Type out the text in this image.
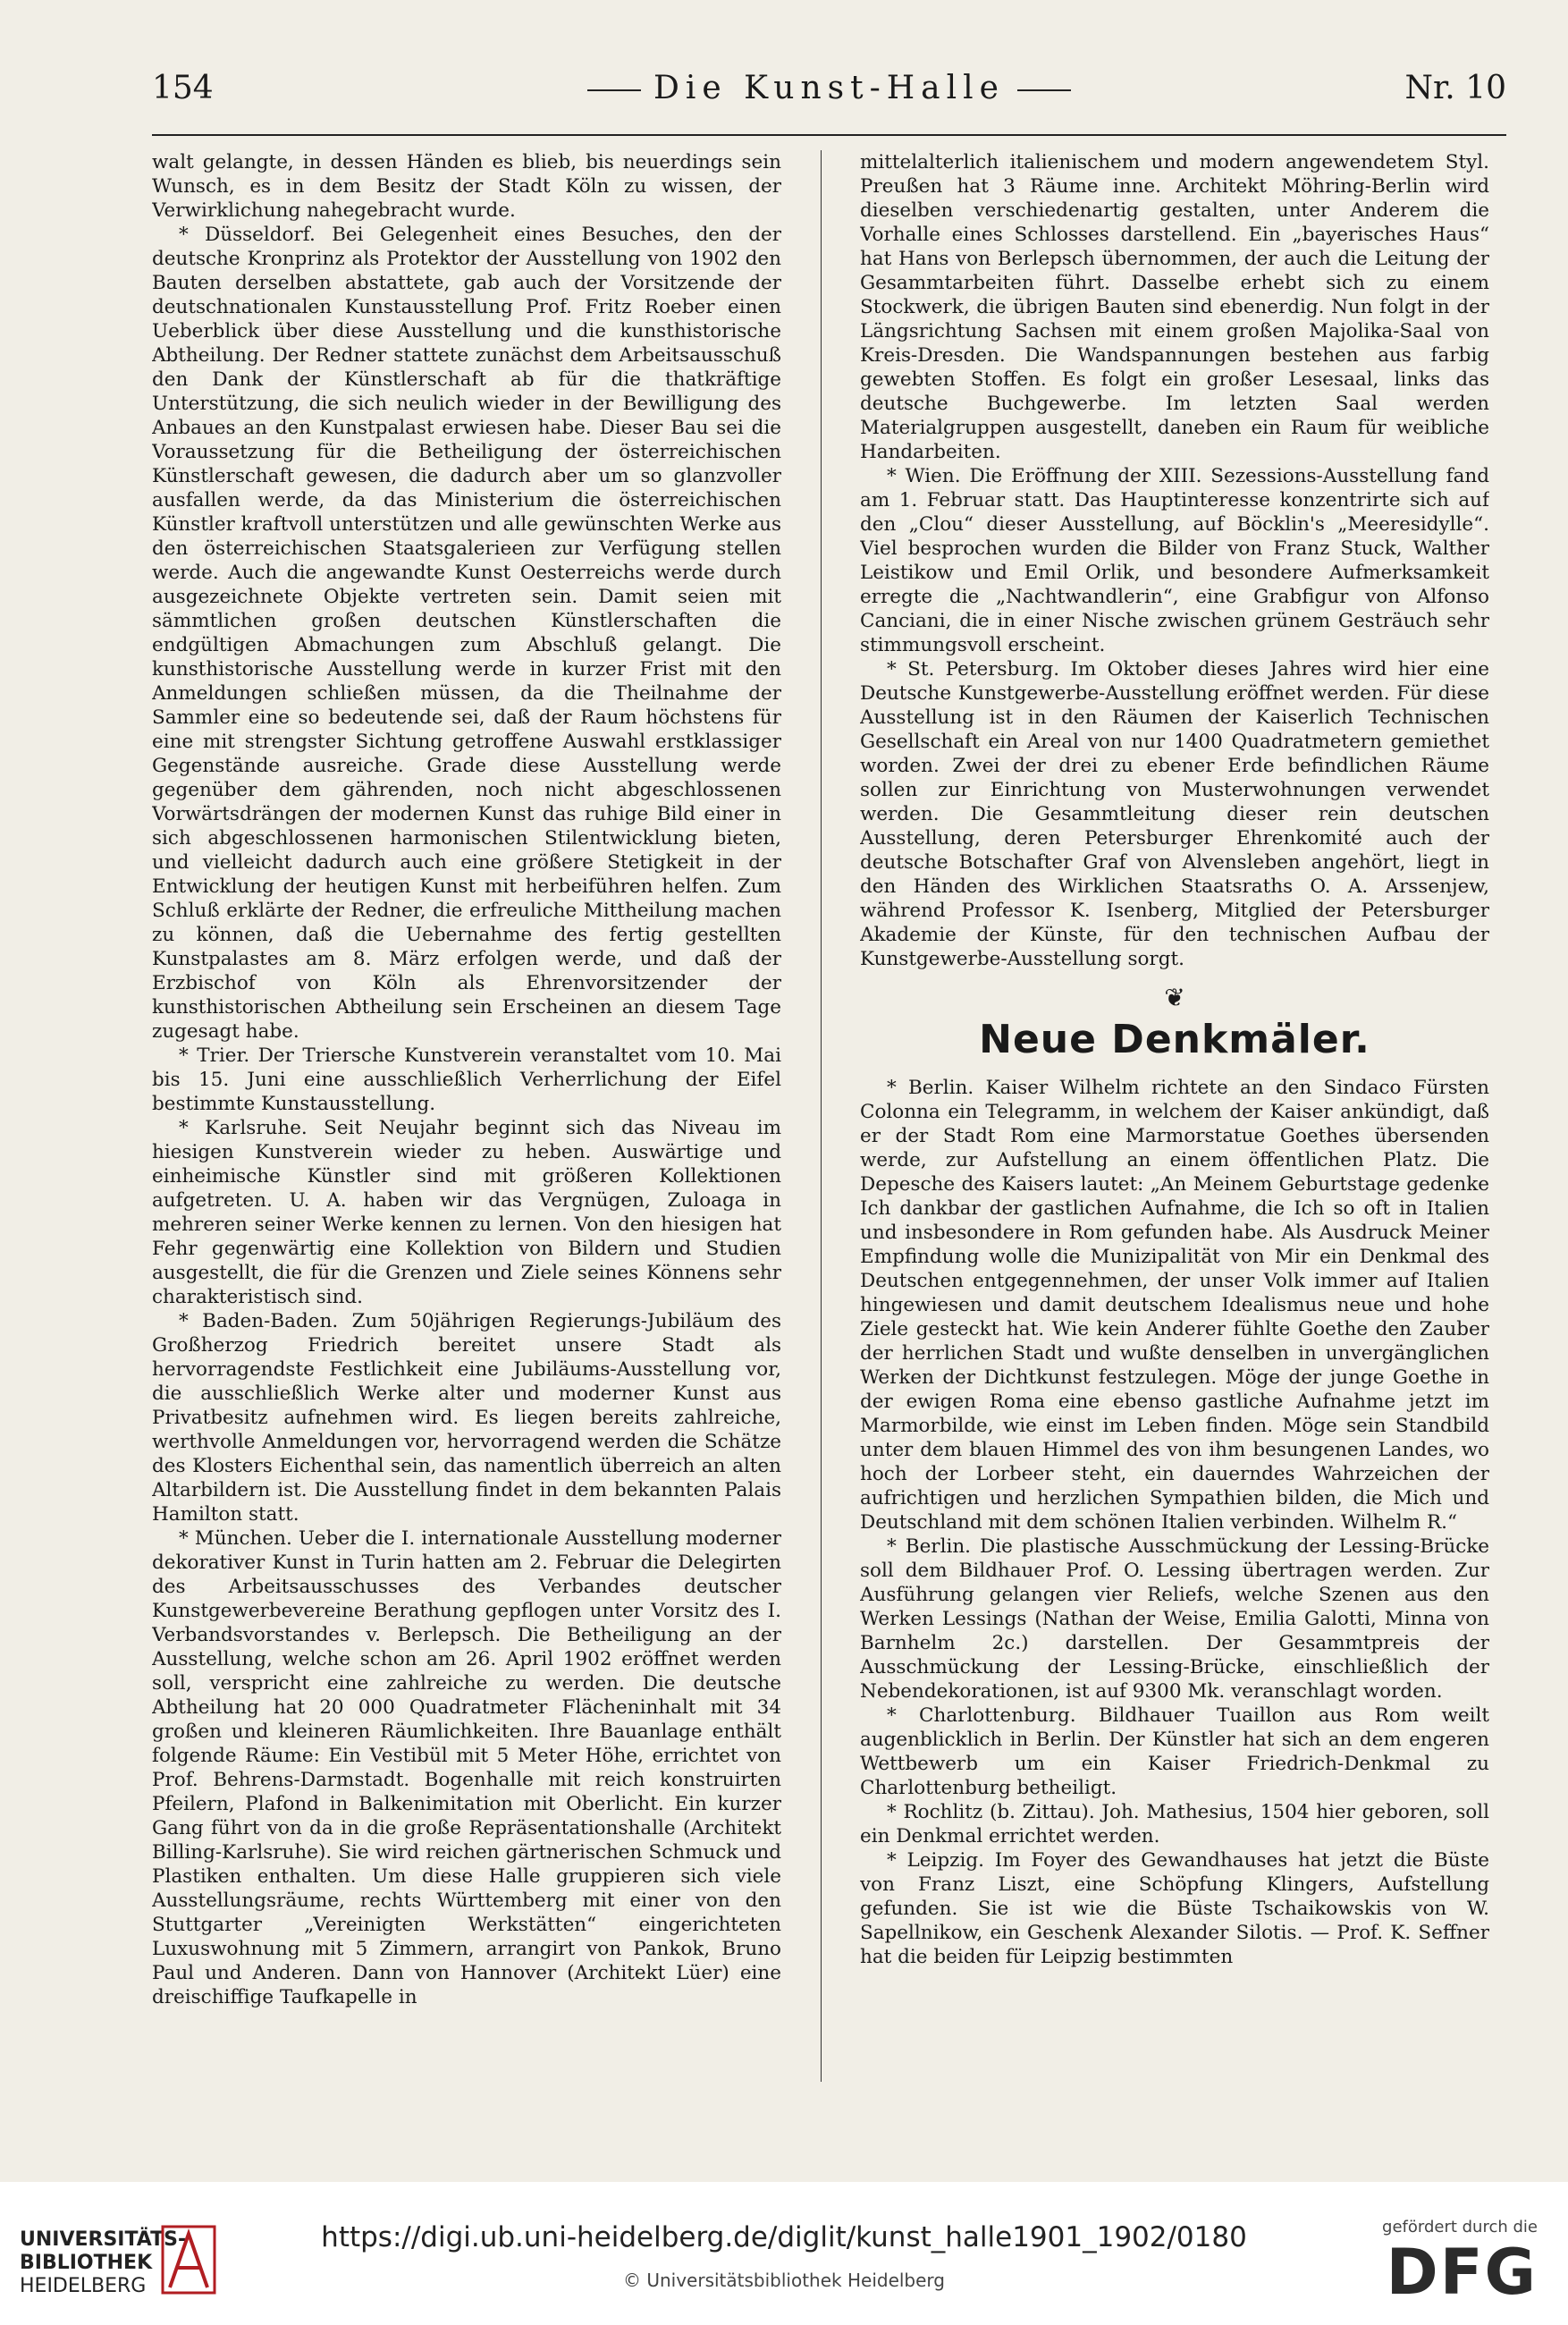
154	Die Kunst-Halle	Nr. 10

walt gelangte, in dessen Händen es blieb, bis neuerdings sein Wunsch, es in dem Besitz der Stadt Köln zu wissen, der Verwirklichung nahegebracht wurde.

* Düsseldorf. Bei Gelegenheit eines Besuches, den der deutsche Kronprinz als Protektor der Ausstellung von 1902 den Bauten derselben abstattete, gab auch der Vorsitzende der deutschnationalen Kunstausstellung Prof. Fritz Roeber einen Ueberblick über diese Ausstellung und die kunsthistorische Abtheilung. Der Redner stattete zunächst dem Arbeitsausschuß den Dank der Künstlerschaft ab für die thatkräftige Unterstützung, die sich neulich wieder in der Bewilligung des Anbaues an den Kunstpalast erwiesen habe. Dieser Bau sei die Voraussetzung für die Betheiligung der österreichischen Künstlerschaft gewesen, die dadurch aber um so glanzvoller ausfallen werde, da das Ministerium die österreichischen Künstler kraftvoll unterstützen und alle gewünschten Werke aus den österreichischen Staatsgalerieen zur Verfügung stellen werde. Auch die angewandte Kunst Oesterreichs werde durch ausgezeichnete Objekte vertreten sein. Damit seien mit sämmtlichen großen deutschen Künstlerschaften die endgültigen Abmachungen zum Abschluß gelangt. Die kunsthistorische Ausstellung werde in kurzer Frist mit den Anmeldungen schließen müssen, da die Theilnahme der Sammler eine so bedeutende sei, daß der Raum höchstens für eine mit strengster Sichtung getroffene Auswahl erstklassiger Gegenstände ausreiche. Grade diese Ausstellung werde gegenüber dem gährenden, noch nicht abgeschlossenen Vorwärtsdrängen der modernen Kunst das ruhige Bild einer in sich abgeschlossenen harmonischen Stilentwicklung bieten, und vielleicht dadurch auch eine größere Stetigkeit in der Entwicklung der heutigen Kunst mit herbeiführen helfen. Zum Schluß erklärte der Redner, die erfreuliche Mittheilung machen zu können, daß die Uebernahme des fertig gestellten Kunstpalastes am 8. März erfolgen werde, und daß der Erzbischof von Köln als Ehrenvorsitzender der kunsthistorischen Abtheilung sein Erscheinen an diesem Tage zugesagt habe.

* Trier. Der Triersche Kunstverein veranstaltet vom 10. Mai bis 15. Juni eine ausschließlich Verherrlichung der Eifel bestimmte Kunstausstellung.

* Karlsruhe. Seit Neujahr beginnt sich das Niveau im hiesigen Kunstverein wieder zu heben. Auswärtige und einheimische Künstler sind mit größeren Kollektionen aufgetreten. U. A. haben wir das Vergnügen, Zuloaga in mehreren seiner Werke kennen zu lernen. Von den hiesigen hat Fehr gegenwärtig eine Kollektion von Bildern und Studien ausgestellt, die für die Grenzen und Ziele seines Könnens sehr charakteristisch sind.

* Baden-Baden. Zum 50jährigen Regierungs-Jubiläum des Großherzog Friedrich bereitet unsere Stadt als hervorragendste Festlichkeit eine Jubiläums-Ausstellung vor, die ausschließlich Werke alter und moderner Kunst aus Privatbesitz aufnehmen wird. Es liegen bereits zahlreiche, werthvolle Anmeldungen vor, hervorragend werden die Schätze des Klosters Eichenthal sein, das namentlich überreich an alten Altarbildern ist. Die Ausstellung findet in dem bekannten Palais Hamilton statt.

* München. Ueber die I. internationale Ausstellung moderner dekorativer Kunst in Turin hatten am 2. Februar die Delegirten des Arbeitsausschusses des Verbandes deutscher Kunstgewerbevereine Berathung gepflogen unter Vorsitz des I. Verbandsvorstandes v. Berlepsch. Die Betheiligung an der Ausstellung, welche schon am 26. April 1902 eröffnet werden soll, verspricht eine zahlreiche zu werden. Die deutsche Abtheilung hat 20 000 Quadratmeter Flächeninhalt mit 34 großen und kleineren Räumlichkeiten. Ihre Bauanlage enthält folgende Räume: Ein Vestibül mit 5 Meter Höhe, errichtet von Prof. Behrens-Darmstadt. Bogenhalle mit reich konstruirten Pfeilern, Plafond in Balkenimitation mit Oberlicht. Ein kurzer Gang führt von da in die große Repräsentationshalle (Architekt Billing-Karlsruhe). Sie wird reichen gärtnerischen Schmuck und Plastiken enthalten. Um diese Halle gruppieren sich viele Ausstellungsräume, rechts Württemberg mit einer von den Stuttgarter „Vereinigten Werkstätten“ eingerichteten Luxuswohnung mit 5 Zimmern, arrangirt von Pankok, Bruno Paul und Anderen. Dann von Hannover (Architekt Lüer) eine dreischiffige Taufkapelle in

mittelalterlich italienischem und modern angewendetem Styl. Preußen hat 3 Räume inne. Architekt Möhring-Berlin wird dieselben verschiedenartig gestalten, unter Anderem die Vorhalle eines Schlosses darstellend. Ein „bayerisches Haus“ hat Hans von Berlepsch übernommen, der auch die Leitung der Gesammtarbeiten führt. Dasselbe erhebt sich zu einem Stockwerk, die übrigen Bauten sind ebenerdig. Nun folgt in der Längsrichtung Sachsen mit einem großen Majolika-Saal von Kreis-Dresden. Die Wandspannungen bestehen aus farbig gewebten Stoffen. Es folgt ein großer Lesesaal, links das deutsche Buchgewerbe. Im letzten Saal werden Materialgruppen ausgestellt, daneben ein Raum für weibliche Handarbeiten.

* Wien. Die Eröffnung der XIII. Sezessions-Ausstellung fand am 1. Februar statt. Das Hauptinteresse konzentrirte sich auf den „Clou“ dieser Ausstellung, auf Böcklin's „Meeresidylle“. Viel besprochen wurden die Bilder von Franz Stuck, Walther Leistikow und Emil Orlik, und besondere Aufmerksamkeit erregte die „Nachtwandlerin“, eine Grabfigur von Alfonso Canciani, die in einer Nische zwischen grünem Gesträuch sehr stimmungsvoll erscheint.

* St. Petersburg. Im Oktober dieses Jahres wird hier eine Deutsche Kunstgewerbe-Ausstellung eröffnet werden. Für diese Ausstellung ist in den Räumen der Kaiserlich Technischen Gesellschaft ein Areal von nur 1400 Quadratmetern gemiethet worden. Zwei der drei zu ebener Erde befindlichen Räume sollen zur Einrichtung von Musterwohnungen verwendet werden. Die Gesammtleitung dieser rein deutschen Ausstellung, deren Petersburger Ehrenkomité auch der deutsche Botschafter Graf von Alvensleben angehört, liegt in den Händen des Wirklichen Staatsraths O. A. Arssenjew, während Professor K. Isenberg, Mitglied der Petersburger Akademie der Künste, für den technischen Aufbau der Kunstgewerbe-Ausstellung sorgt.

❦
Neue Denkmäler.

* Berlin. Kaiser Wilhelm richtete an den Sindaco Fürsten Colonna ein Telegramm, in welchem der Kaiser ankündigt, daß er der Stadt Rom eine Marmorstatue Goethes übersenden werde, zur Aufstellung an einem öffentlichen Platz. Die Depesche des Kaisers lautet: „An Meinem Geburtstage gedenke Ich dankbar der gastlichen Aufnahme, die Ich so oft in Italien und insbesondere in Rom gefunden habe. Als Ausdruck Meiner Empfindung wolle die Munizipalität von Mir ein Denkmal des Deutschen entgegennehmen, der unser Volk immer auf Italien hingewiesen und damit deutschem Idealismus neue und hohe Ziele gesteckt hat. Wie kein Anderer fühlte Goethe den Zauber der herrlichen Stadt und wußte denselben in unvergänglichen Werken der Dichtkunst festzulegen. Möge der junge Goethe in der ewigen Roma eine ebenso gastliche Aufnahme jetzt im Marmorbilde, wie einst im Leben finden. Möge sein Standbild unter dem blauen Himmel des von ihm besungenen Landes, wo hoch der Lorbeer steht, ein dauerndes Wahrzeichen der aufrichtigen und herzlichen Sympathien bilden, die Mich und Deutschland mit dem schönen Italien verbinden. Wilhelm R.“

* Berlin. Die plastische Ausschmückung der Lessing-Brücke soll dem Bildhauer Prof. O. Lessing übertragen werden. Zur Ausführung gelangen vier Reliefs, welche Szenen aus den Werken Lessings (Nathan der Weise, Emilia Galotti, Minna von Barnhelm 2c.) darstellen. Der Gesammtpreis der Ausschmückung der Lessing-Brücke, einschließlich der Nebendekorationen, ist auf 9300 Mk. veranschlagt worden.

* Charlottenburg. Bildhauer Tuaillon aus Rom weilt augenblicklich in Berlin. Der Künstler hat sich an dem engeren Wettbewerb um ein Kaiser Friedrich-Denkmal zu Charlottenburg betheiligt.

* Rochlitz (b. Zittau). Joh. Mathesius, 1504 hier geboren, soll ein Denkmal errichtet werden.

* Leipzig. Im Foyer des Gewandhauses hat jetzt die Büste von Franz Liszt, eine Schöpfung Klingers, Aufstellung gefunden. Sie ist wie die Büste Tschaikowskis von W. Sapellnikow, ein Geschenk Alexander Silotis. — Prof. K. Seffner hat die beiden für Leipzig bestimmten

UNIVERSITÄTS-
BIBLIOTHEK
HEIDELBERG
https://digi.ub.uni-heidelberg.de/diglit/kunst_halle1901_1902/0180
© Universitätsbibliothek Heidelberg
gefördert durch die
DFG
